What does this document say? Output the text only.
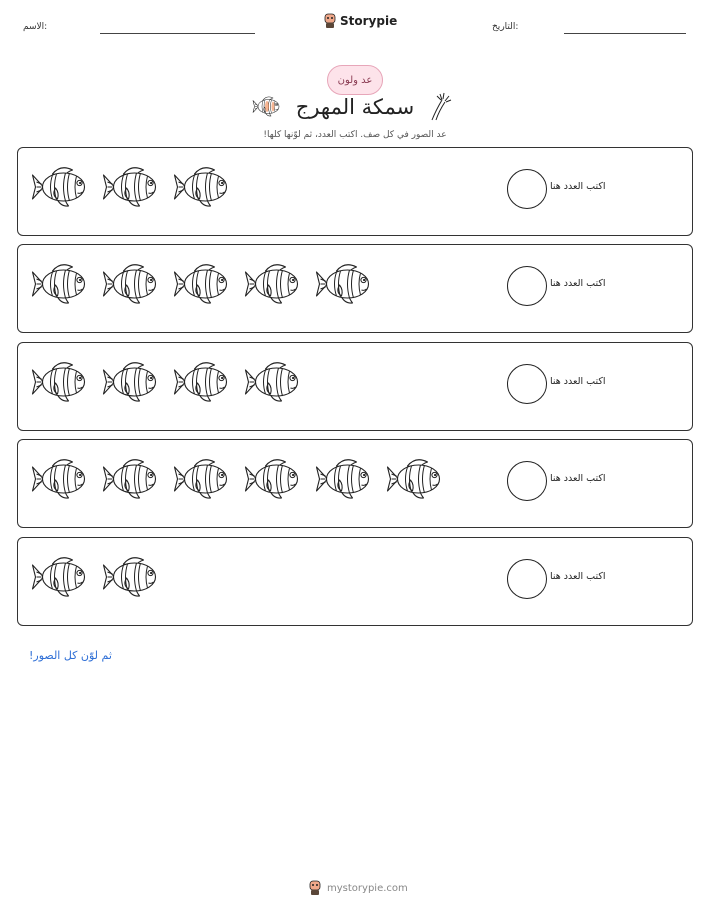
الاسم:	Storypie	التاريخ:
عد ولون
سمكة المهرج
عد الصور في كل صف. اكتب العدد، ثم لوّنها كلها!
اكتب العدد هنا
اكتب العدد هنا
اكتب العدد هنا
اكتب العدد هنا
اكتب العدد هنا
ثم لوّن كل الصور!
mystorypie.com
